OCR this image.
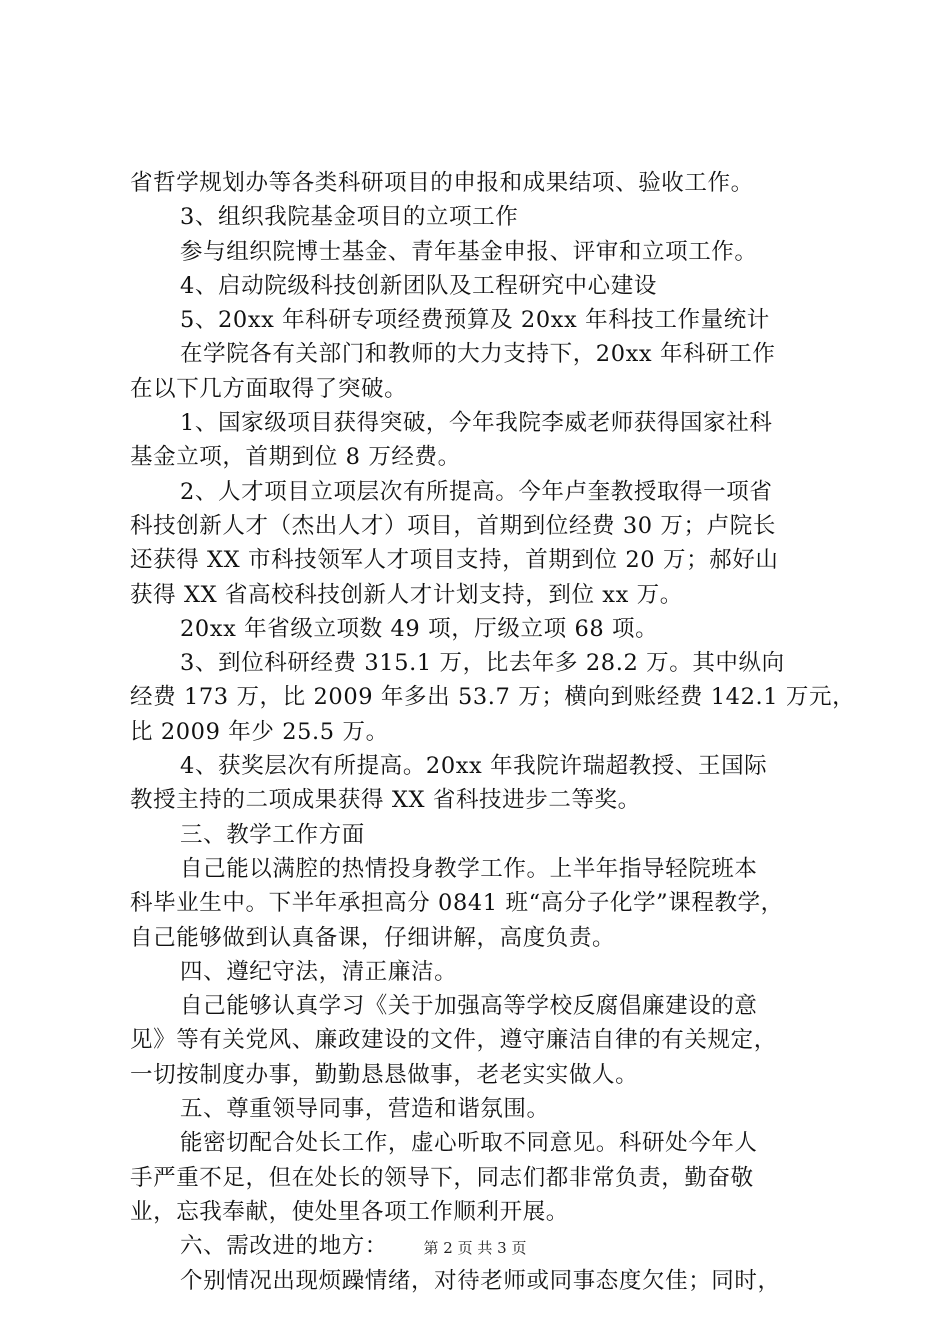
省哲学规划办等各类科研项目的申报和成果结项、验收工作。
3、组织我院基金项目的立项工作
参与组织院博士基金、青年基金申报、评审和立项工作。
4、启动院级科技创新团队及工程研究中心建设
5、20xx 年科研专项经费预算及 20xx 年科技工作量统计
在学院各有关部门和教师的大力支持下，20xx 年科研工作
在以下几方面取得了突破。
1、国家级项目获得突破，今年我院李威老师获得国家社科
基金立项，首期到位 8 万经费。
2、人才项目立项层次有所提高。今年卢奎教授取得一项省
科技创新人才（杰出人才）项目，首期到位经费 30 万；卢院长
还获得 XX 市科技领军人才项目支持，首期到位 20 万；郝好山
获得 XX 省高校科技创新人才计划支持，到位 xx 万。
20xx 年省级立项数 49 项，厅级立项 68 项。
3、到位科研经费 315.1 万，比去年多 28.2 万。其中纵向
经费 173 万，比 2009 年多出 53.7 万；横向到账经费 142.1 万元，
比 2009 年少 25.5 万。
4、获奖层次有所提高。20xx 年我院许瑞超教授、王国际
教授主持的二项成果获得 XX 省科技进步二等奖。
三、教学工作方面
自己能以满腔的热情投身教学工作。上半年指导轻院班本
科毕业生中。下半年承担高分 0841 班“高分子化学”课程教学，
自己能够做到认真备课，仔细讲解，高度负责。
四、遵纪守法，清正廉洁。
自己能够认真学习《关于加强高等学校反腐倡廉建设的意
见》等有关党风、廉政建设的文件，遵守廉洁自律的有关规定，
一切按制度办事，勤勤恳恳做事，老老实实做人。
五、尊重领导同事，营造和谐氛围。
能密切配合处长工作，虚心听取不同意见。科研处今年人
手严重不足，但在处长的领导下，同志们都非常负责，勤奋敬
业，忘我奉献，使处里各项工作顺利开展。
六、需改进的地方：
个别情况出现烦躁情绪，对待老师或同事态度欠佳；同时，
第 2 页 共 3 页
